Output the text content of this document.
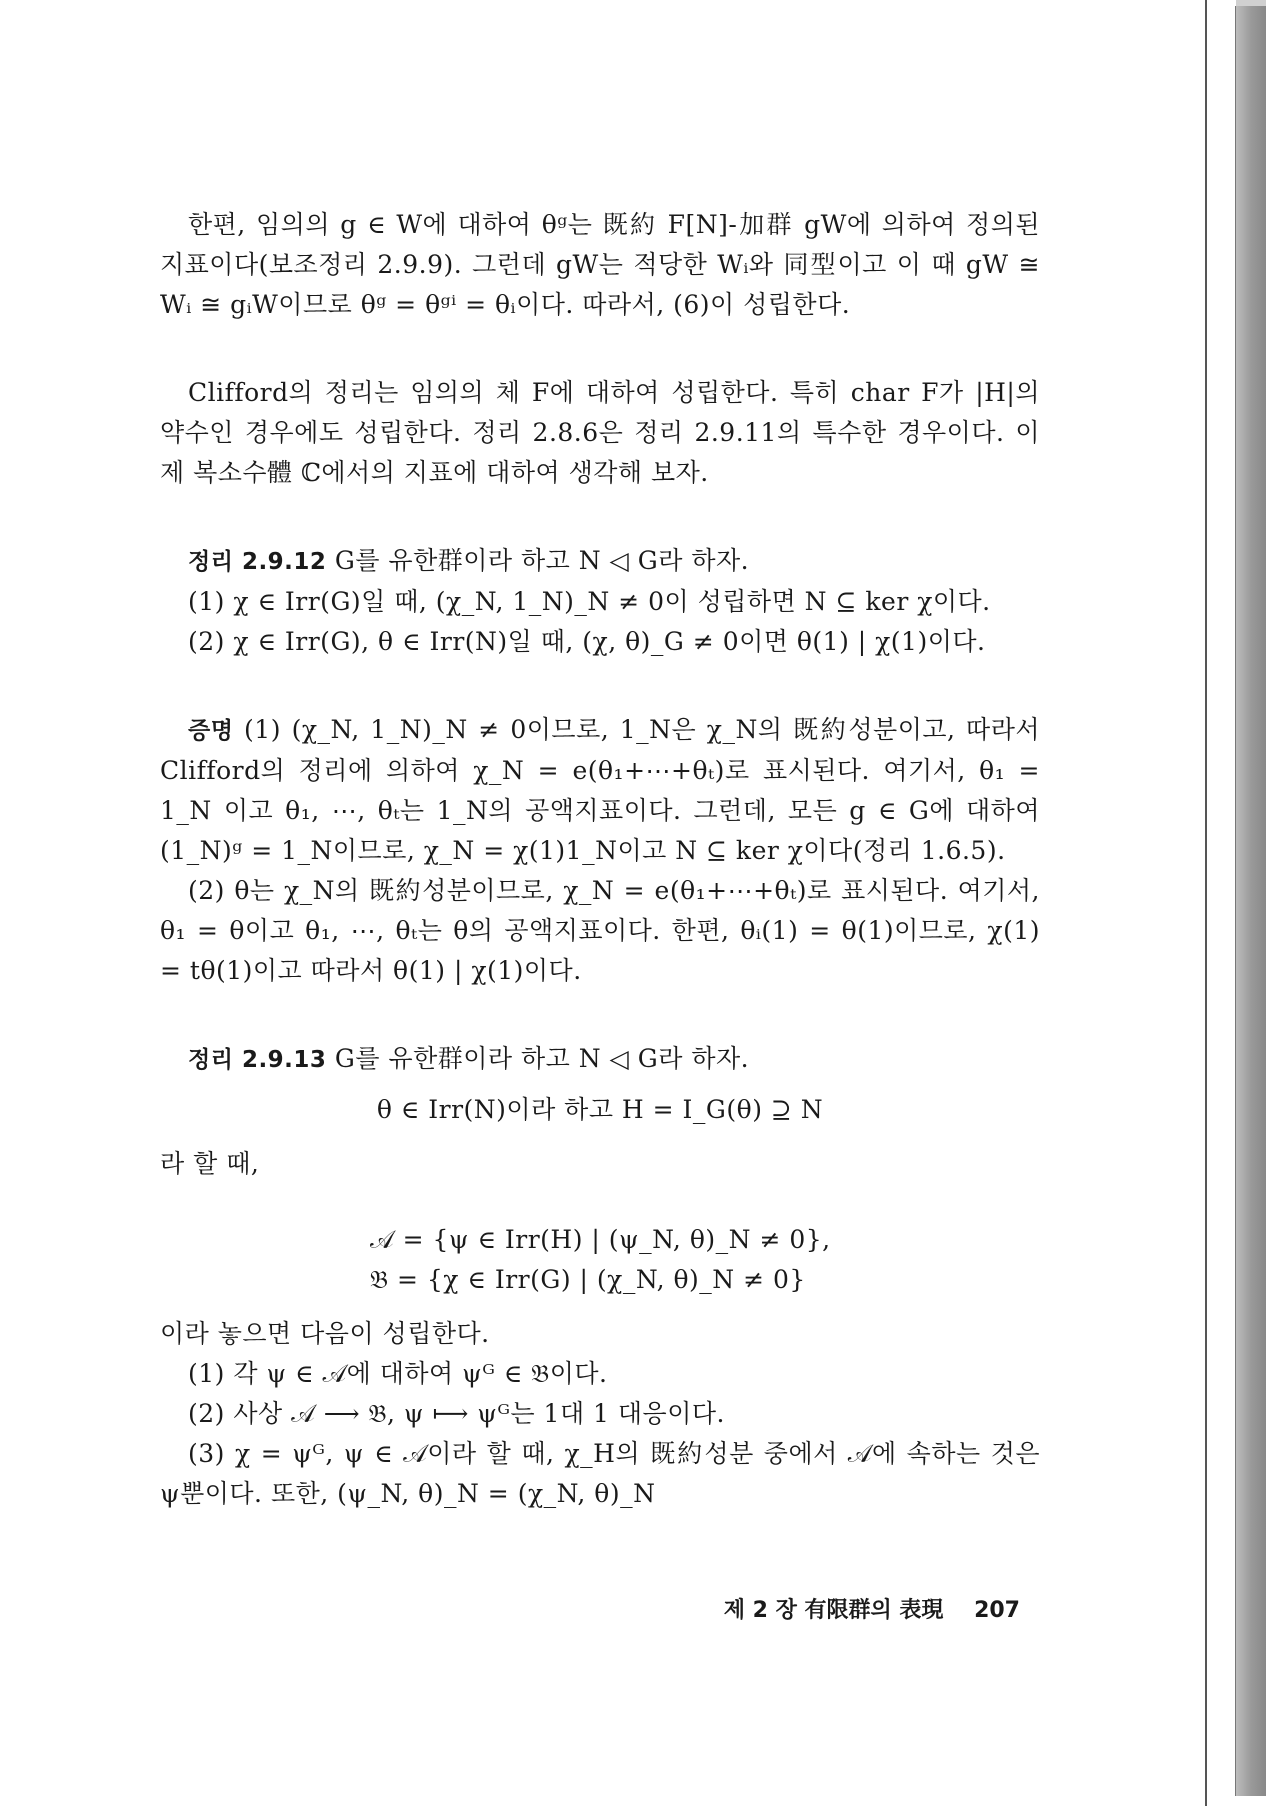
한편, 임의의 g ∈ W에 대하여 θᵍ는 既約 F[N]-加群 gW에 의하여 정의된 지표이다(보조정리 2.9.9). 그런데 gW는 적당한 Wᵢ와 同型이고 이 때 gW ≅ Wᵢ ≅ gᵢW이므로 θᵍ = θᵍⁱ = θᵢ이다. 따라서, (6)이 성립한다.

Clifford의 정리는 임의의 체 F에 대하여 성립한다. 특히 char F가 |H|의 약수인 경우에도 성립한다. 정리 2.8.6은 정리 2.9.11의 특수한 경우이다. 이제 복소수體 ℂ에서의 지표에 대하여 생각해 보자.

정리 2.9.12 G를 유한群이라 하고 N ◁ G라 하자.

(1) χ ∈ Irr(G)일 때, (χ_N, 1_N)_N ≠ 0이 성립하면 N ⊆ ker χ이다.

(2) χ ∈ Irr(G), θ ∈ Irr(N)일 때, (χ, θ)_G ≠ 0이면 θ(1) | χ(1)이다.

증명 (1) (χ_N, 1_N)_N ≠ 0이므로, 1_N은 χ_N의 既約성분이고, 따라서 Clifford의 정리에 의하여 χ_N = e(θ₁+⋯+θₜ)로 표시된다. 여기서, θ₁ = 1_N 이고 θ₁, ⋯, θₜ는 1_N의 공액지표이다. 그런데, 모든 g ∈ G에 대하여 (1_N)ᵍ = 1_N이므로, χ_N = χ(1)1_N이고 N ⊆ ker χ이다(정리 1.6.5).

(2) θ는 χ_N의 既約성분이므로, χ_N = e(θ₁+⋯+θₜ)로 표시된다. 여기서, θ₁ = θ이고 θ₁, ⋯, θₜ는 θ의 공액지표이다. 한편, θᵢ(1) = θ(1)이므로, χ(1) = tθ(1)이고 따라서 θ(1) | χ(1)이다.

정리 2.9.13 G를 유한群이라 하고 N ◁ G라 하자.

θ ∈ Irr(N)이라 하고 H = I_G(θ) ⊇ N

라 할 때,

𝒜 = {ψ ∈ Irr(H) | (ψ_N, θ)_N ≠ 0},

𝔅 = {χ ∈ Irr(G) | (χ_N, θ)_N ≠ 0}

이라 놓으면 다음이 성립한다.

(1) 각 ψ ∈ 𝒜에 대하여 ψᴳ ∈ 𝔅이다.

(2) 사상 𝒜 ⟶ 𝔅, ψ ⟼ ψᴳ는 1대 1 대응이다.

(3) χ = ψᴳ, ψ ∈ 𝒜이라 할 때, χ_H의 既約성분 중에서 𝒜에 속하는 것은 ψ뿐이다. 또한, (ψ_N, θ)_N = (χ_N, θ)_N

제 2 장 有限群의 表現 207
